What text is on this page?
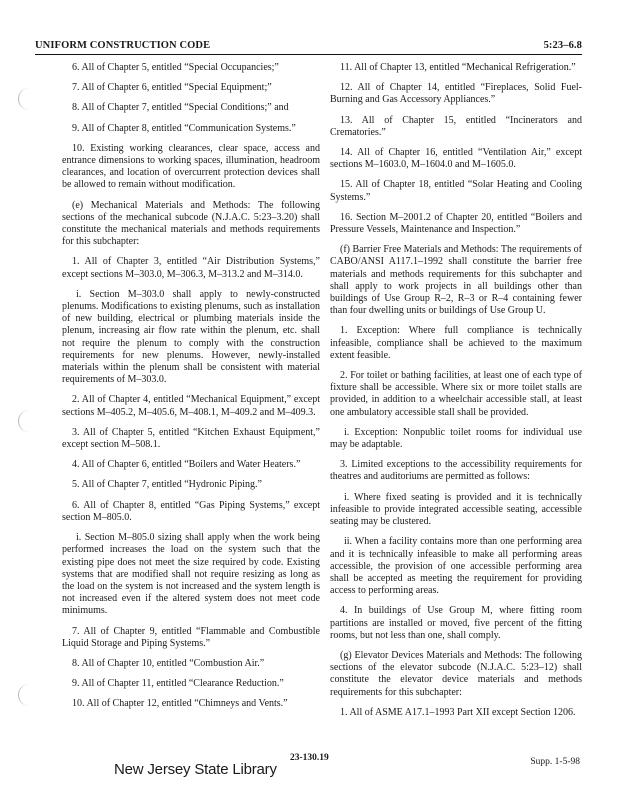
UNIFORM CONSTRUCTION CODE	5:23–6.8

6. All of Chapter 5, entitled “Special Occupancies;”

7. All of Chapter 6, entitled “Special Equipment;”

8. All of Chapter 7, entitled “Special Conditions;” and

9. All of Chapter 8, entitled “Communication Systems.”

10. Existing working clearances, clear space, access and entrance dimensions to working spaces, illumination, headroom clearances, and location of overcurrent protection devices shall be allowed to remain without modification.

(e) Mechanical Materials and Methods: The following sections of the mechanical subcode (N.J.A.C. 5:23–3.20) shall constitute the mechanical materials and methods requirements for this subchapter:

1. All of Chapter 3, entitled “Air Distribution Systems,” except sections M–303.0, M–306.3, M–313.2 and M–314.0.

i. Section M–303.0 shall apply to newly-constructed plenums. Modifications to existing plenums, such as installation of new building, electrical or plumbing materials inside the plenum, increasing air flow rate within the plenum, etc. shall not require the plenum to comply with the construction requirements for new plenums. However, newly-installed materials within the plenum shall be consistent with material requirements of M–303.0.

2. All of Chapter 4, entitled “Mechanical Equipment,” except sections M–405.2, M–405.6, M–408.1, M–409.2 and M–409.3.

3. All of Chapter 5, entitled “Kitchen Exhaust Equipment,” except section M–508.1.

4. All of Chapter 6, entitled “Boilers and Water Heaters.”

5. All of Chapter 7, entitled “Hydronic Piping.”

6. All of Chapter 8, entitled “Gas Piping Systems,” except section M–805.0.

i. Section M–805.0 sizing shall apply when the work being performed increases the load on the system such that the existing pipe does not meet the size required by code. Existing systems that are modified shall not require resizing as long as the load on the system is not increased and the system length is not increased even if the altered system does not meet code minimums.

7. All of Chapter 9, entitled “Flammable and Combustible Liquid Storage and Piping Systems.”

8. All of Chapter 10, entitled “Combustion Air.”

9. All of Chapter 11, entitled “Clearance Reduction.”

10. All of Chapter 12, entitled “Chimneys and Vents.”

11. All of Chapter 13, entitled “Mechanical Refrigeration.”

12. All of Chapter 14, entitled “Fireplaces, Solid Fuel-Burning and Gas Accessory Appliances.”

13. All of Chapter 15, entitled “Incinerators and Crematories.”

14. All of Chapter 16, entitled “Ventilation Air,” except sections M–1603.0, M–1604.0 and M–1605.0.

15. All of Chapter 18, entitled “Solar Heating and Cooling Systems.”

16. Section M–2001.2 of Chapter 20, entitled “Boilers and Pressure Vessels, Maintenance and Inspection.”

(f) Barrier Free Materials and Methods: The requirements of CABO/ANSI A117.1–1992 shall constitute the barrier free materials and methods requirements for this subchapter and shall apply to work projects in all buildings other than buildings of Use Group R–2, R–3 or R–4 containing fewer than four dwelling units or buildings of Use Group U.

1. Exception: Where full compliance is technically infeasible, compliance shall be achieved to the maximum extent feasible.

2. For toilet or bathing facilities, at least one of each type of fixture shall be accessible. Where six or more toilet stalls are provided, in addition to a wheelchair accessible stall, at least one ambulatory accessible stall shall be provided.

i. Exception: Nonpublic toilet rooms for individual use may be adaptable.

3. Limited exceptions to the accessibility requirements for theatres and auditoriums are permitted as follows:

i. Where fixed seating is provided and it is technically infeasible to provide integrated accessible seating, accessible seating may be clustered.

ii. When a facility contains more than one performing area and it is technically infeasible to make all performing areas accessible, the provision of one accessible performing area shall be accepted as meeting the requirement for providing access to performing areas.

4. In buildings of Use Group M, where fitting room partitions are installed or moved, five percent of the fitting rooms, but not less than one, shall comply.

(g) Elevator Devices Materials and Methods: The following sections of the elevator subcode (N.J.A.C. 5:23–12) shall constitute the elevator device materials and methods requirements for this subchapter:

1. All of ASME A17.1–1993 Part XII except Section 1206.

23-130.19	Supp. 1-5-98
New Jersey State Library
